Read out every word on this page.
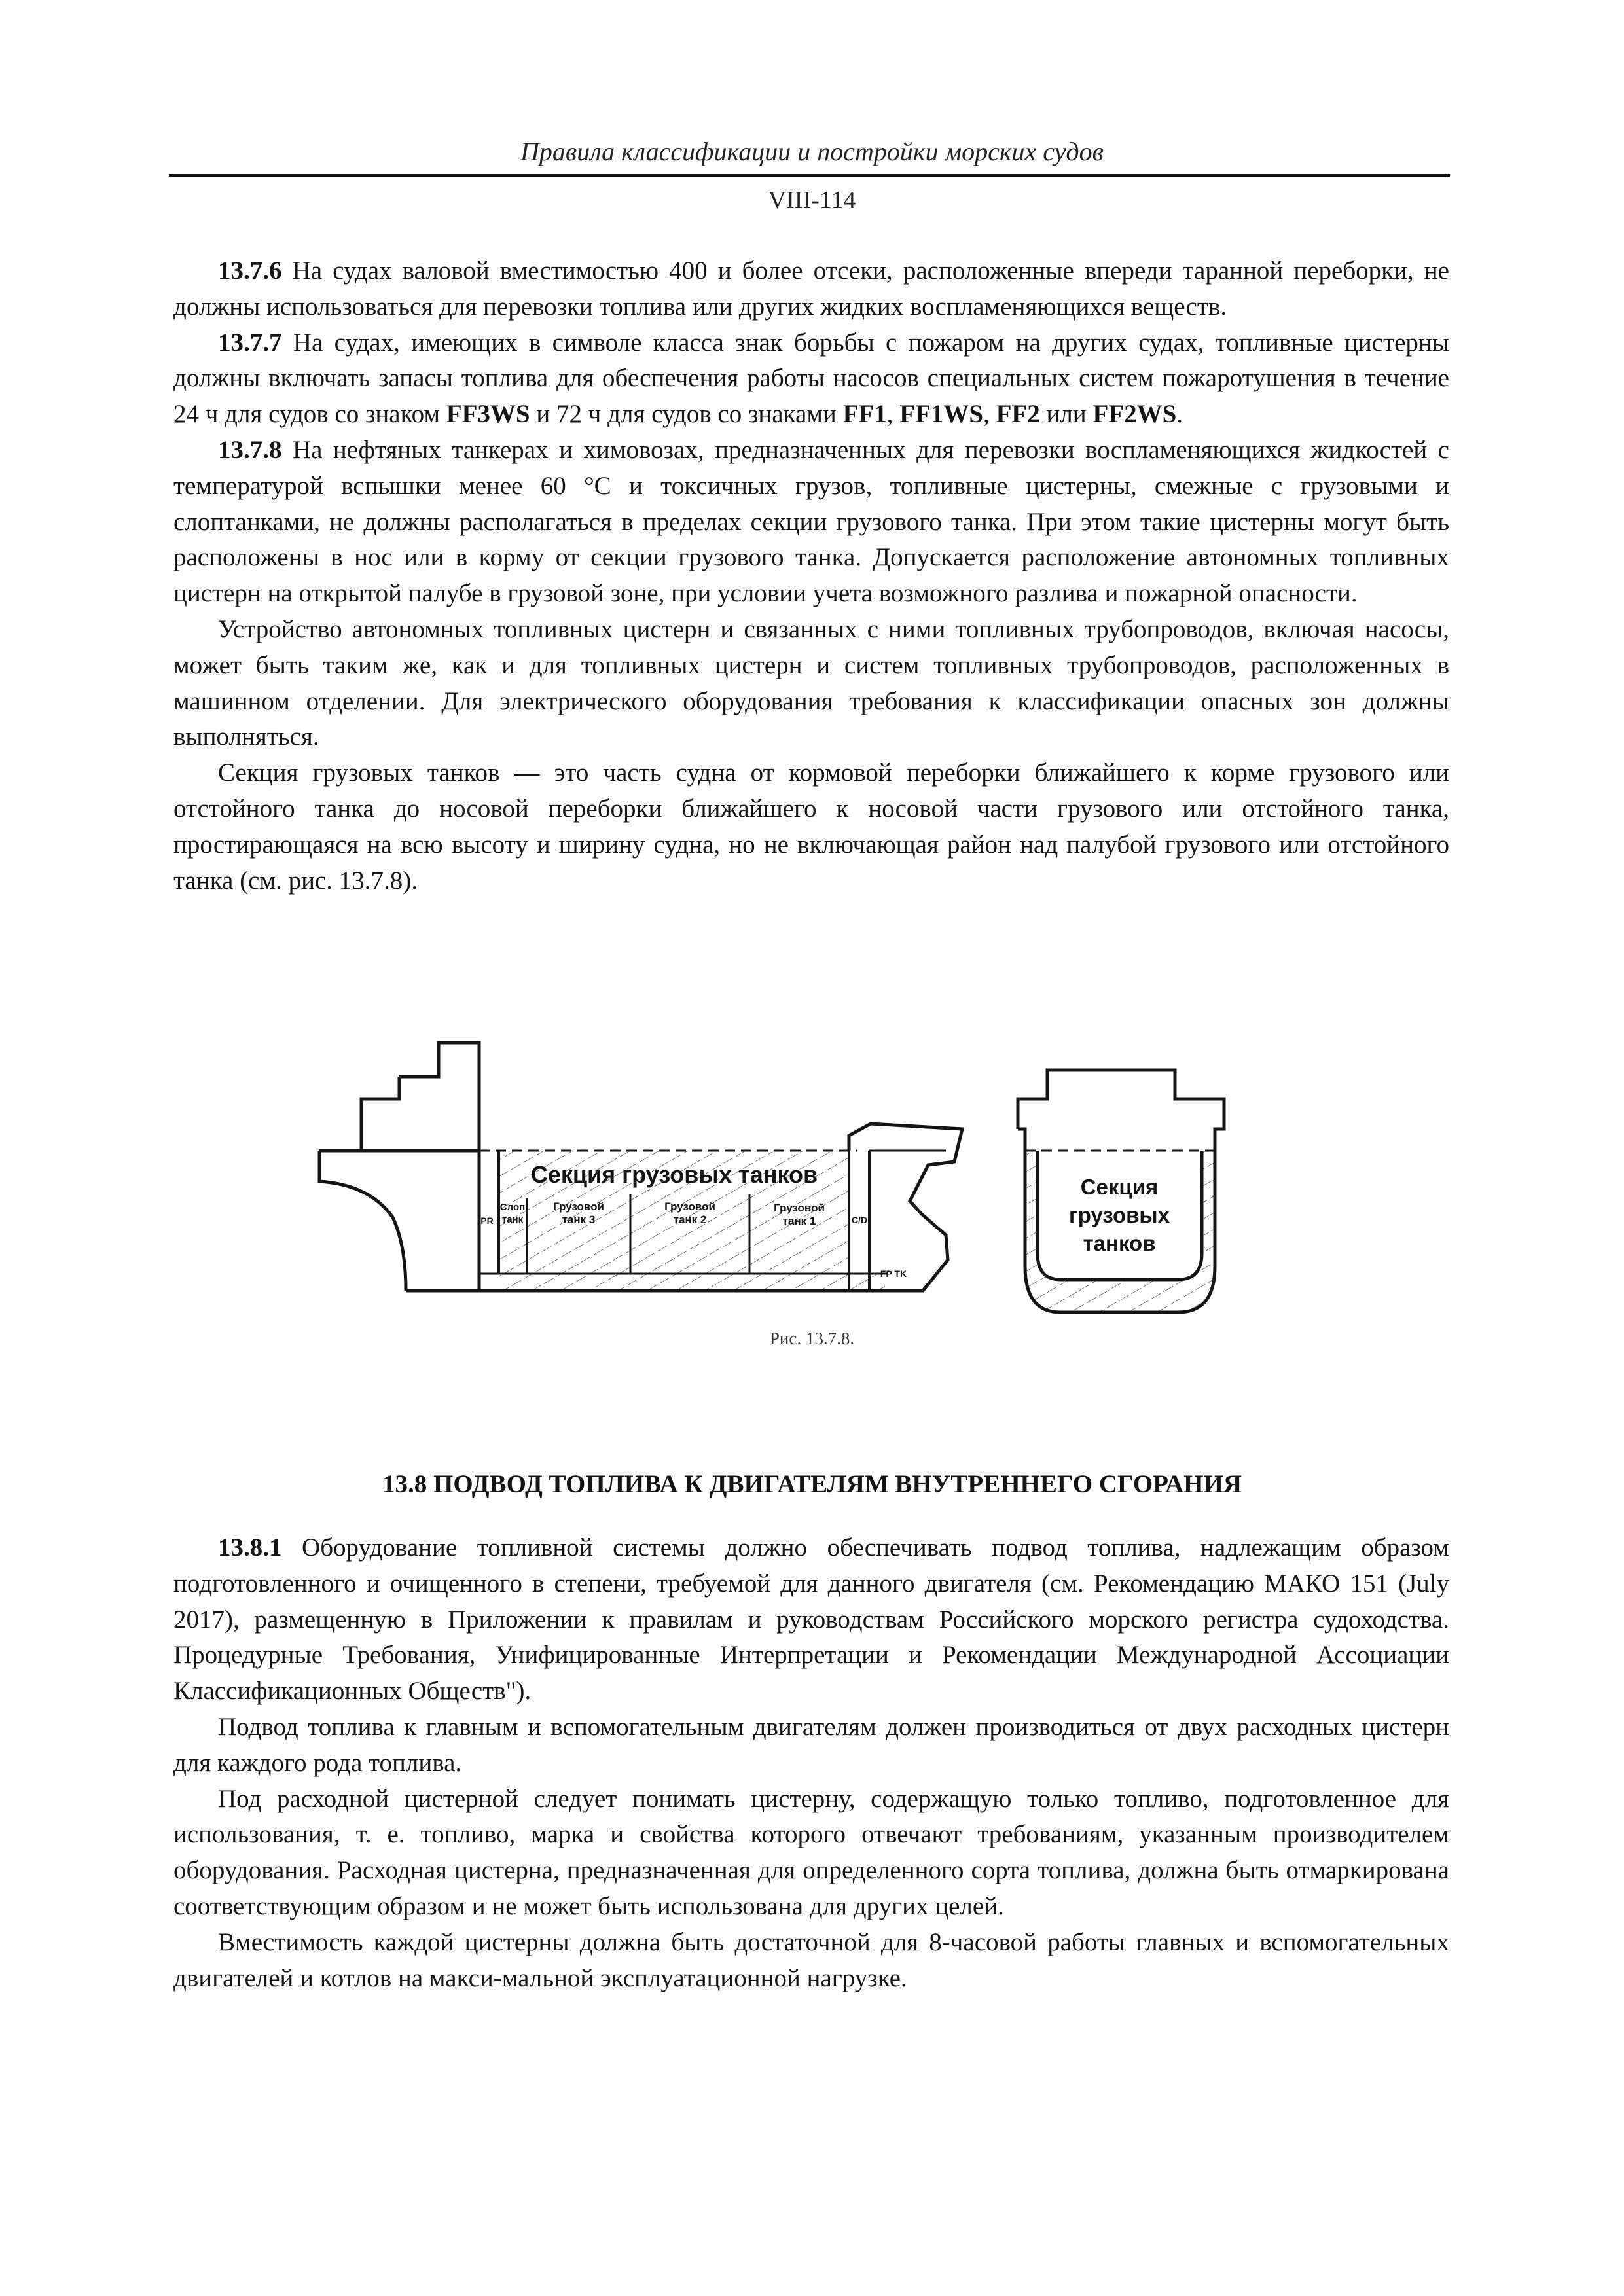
Правила классификации и постройки морских судов
VIII-114

13.7.6 На судах валовой вместимостью 400 и более отсеки, расположенные впереди таранной переборки, не должны использоваться для перевозки топлива или других жидких воспламеняющихся веществ.

13.7.7 На судах, имеющих в символе класса знак борьбы с пожаром на других судах, топливные цистерны должны включать запасы топлива для обеспечения работы насосов специальных систем пожаротушения в течение 24 ч для судов со знаком FF3WS и 72 ч для судов со знаками FF1, FF1WS, FF2 или FF2WS.

13.7.8 На нефтяных танкерах и химовозах, предназначенных для перевозки воспламеняющихся жидкостей с температурой вспышки менее 60 °С и токсичных грузов, топливные цистерны, смежные с грузовыми и слоптанками, не должны располагаться в пределах секции грузового танка. При этом такие цистерны могут быть расположены в нос или в корму от секции грузового танка. Допускается расположение автономных топливных цистерн на открытой палубе в грузовой зоне, при условии учета возможного разлива и пожарной опасности.

Устройство автономных топливных цистерн и связанных с ними топливных трубопроводов, включая насосы, может быть таким же, как и для топливных цистерн и систем топливных трубопроводов, расположенных в машинном отделении. Для электрического оборудования требования к классификации опасных зон должны выполняться.

Секция грузовых танков — это часть судна от кормовой переборки ближайшего к корме грузового или отстойного танка до носовой переборки ближайшего к носовой части грузового или отстойного танка, простирающаяся на всю высоту и ширину судна, но не включающая район над палубой грузового или отстойного танка (см. рис. 13.7.8).

Секция грузовых танков
PR
Слоп
танк
Грузовой
танк 3
Грузовой
танк 2
Грузовой
танк 1	C/D
FP TK
Секция
грузовых
танков
Рис. 13.7.8.
13.8 ПОДВОД ТОПЛИВА К ДВИГАТЕЛЯМ ВНУТРЕННЕГО СГОРАНИЯ

13.8.1 Оборудование топливной системы должно обеспечивать подвод топлива, надлежащим образом подготовленного и очищенного в степени, требуемой для данного двигателя (см. Рекомендацию МАКО 151 (July 2017), размещенную в Приложении к правилам и руководствам Российского морского регистра судоходства. Процедурные Требования, Унифицированные Интерпретации и Рекомендации Международной Ассоциации Классификационных Обществ").

Подвод топлива к главным и вспомогательным двигателям должен производиться от двух расходных цистерн для каждого рода топлива.

Под расходной цистерной следует понимать цистерну, содержащую только топливо, подготовленное для использования, т. е. топливо, марка и свойства которого отвечают требованиям, указанным производителем оборудования. Расходная цистерна, предназначенная для определенного сорта топлива, должна быть отмаркирована соответствующим образом и не может быть использована для других целей.

Вместимость каждой цистерны должна быть достаточной для 8-часовой работы главных и вспомогательных двигателей и котлов на макси-мальной эксплуатационной нагрузке.
